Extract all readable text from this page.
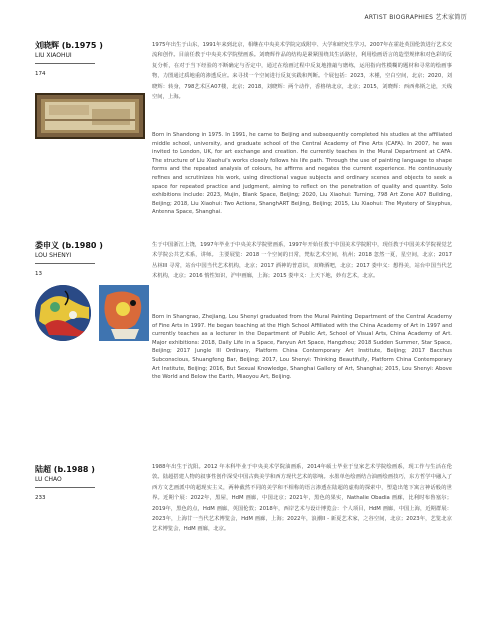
ARTIST BIOGRAPHIES 艺术家简历
刘晓辉 (b.1975 )
LIU XIAOHUI
174

1975年出生于山东，1991年来到北京，相继在中央美术学院完成附中、大学和研究生学习。2007年在霍赴英国伦敦进行艺术交流和创作。目前任教于中央美术学院壁画系。刘晓辉作品的结构是紧紧围绕其生活路径，利用绘画语言的造型规律和对色彩的反复分析，在对于当下经验的不断确定与否定中，通过在绘画过程中反复地推敲与磨练，运用指向性模糊的题材和寻常的绘画事物，力图通过质地重的渗透反应。来寻找一个空间进行反复实践和判断。个展包括：2023，木槿，空白空间，北京；2020，刘晓辉：转身，798艺术区A07楼，北京；2018，刘晓辉：两个动作，香格纳北京，北京；2015，刘晓辉：西西弗斯之途，天线空间，上海。

Born in Shandong in 1975. In 1991, he came to Beijing and subsequently completed his studies at the affiliated middle school, university, and graduate school of the Central Academy of Fine Arts (CAFA). In 2007, he was invited to London, UK, for art exchange and creation. He currently teaches in the Mural Department at CAFA. The structure of Liu Xiaohui's works closely follows his life path. Through the use of painting language to shape forms and the repeated analysis of colours, he affirms and negates the current experience. He continuously refines and scrutinizes his work, using directional vague subjects and ordinary scenes and objects to seek a space for repeated practice and judgment, aiming to reflect on the penetration of quality and quantity. Solo exhibitions include: 2023, Mujin, Blank Space, Beijing; 2020, Liu Xiaohui: Turning, 798 Art Zone A07 Building, Beijing; 2018, Liu Xiaohui: Two Actions, ShanghART Beijing, Beijing; 2015, Liu Xiaohui: The Mystery of Sisyphus, Antenna Space, Shanghai.

娄申义 (b.1980 )
LOU SHENYI
13

生于中国浙江上饶，1997年毕业于中央美术学院壁画系，1997年开始任教于中国美术学院附中，现任教于中国美术学院视觉艺术学院公共艺术系，讲师。 主要展览：2018 一个空间的日常，梵耘艺术空间，杭州；2018 忽然一夏，星空间，北京；2017 丛林III 寻常，站台中国当代艺术机构，北京；2017 酒神的普意识，双峰酒吧，北京；2017 娄申义：想得美，站台中国当代艺术机构，北京；2016 惰性知识，沪申画廊，上海；2015 娄申义：上天下地，妙有艺术，北京。

Born in Shangrao, Zhejiang, Lou Shenyi graduated from the Mural Painting Department of the Central Academy of Fine Arts in 1997. He began teaching at the High School Affiliated with the China Academy of Art in 1997 and currently teaches as a lecturer in the Department of Public Art, School of Visual Arts, China Academy of Art. Major exhibitions: 2018, Daily Life in a Space, Fanyun Art Space, Hangzhou; 2018 Sudden Summer, Star Space, Beijing; 2017 Jungle III Ordinary, Platform China Contemporary Art Institute, Beijing; 2017 Bacchus Subconscious, Shuangfeng Bar, Beijing; 2017, Lou Shenyi: Thinking Beautifully, Platform China Contemporary Art Institute, Beijing; 2016, But Sexual Knowledge, Shanghai Gallery of Art, Shanghai; 2015, Lou Shenyi: Above the World and Below the Earth, Miaoyou Art, Beijing.

陆超 (b.1988 )
LU CHAO
233

1988年出生于沈阳。2012 年本科毕业于中央美术学院油画系，2014年硕士毕业于皇家艺术学院绘画系，现工作与生活在伦敦。陆超搭建人物的叙事性创作深受中国古典美学和西方现代艺术的影响。水墨单色绘画结合油画绘画技巧，东方哲学中融入了西方文艺画派中的超现实主义，两种截然不同的美学和不相称的语言渗透在陆超的虚构的探索中，塑造出笔下寓言神话般的世界。近期个展：2022年，黑屋，HdM 画廊，中国北京；2021年，黑色的果实，Nathalie Obadia 画廊，比利时布鲁塞尔；2019年，黑色的点，HdM 画廊，英国伦敦；2018年，西岸艺术与设计博览会：个人项目，HdM 画廊，中国上海，近期群展：2023年，上海廿一当代艺术博览会，HdM 画廊，上海；2022年，浪潮II - 新夏艺术家，之谷空间，北京；2023年，艺览北京艺术博览会，HdM 画廊，北京。
